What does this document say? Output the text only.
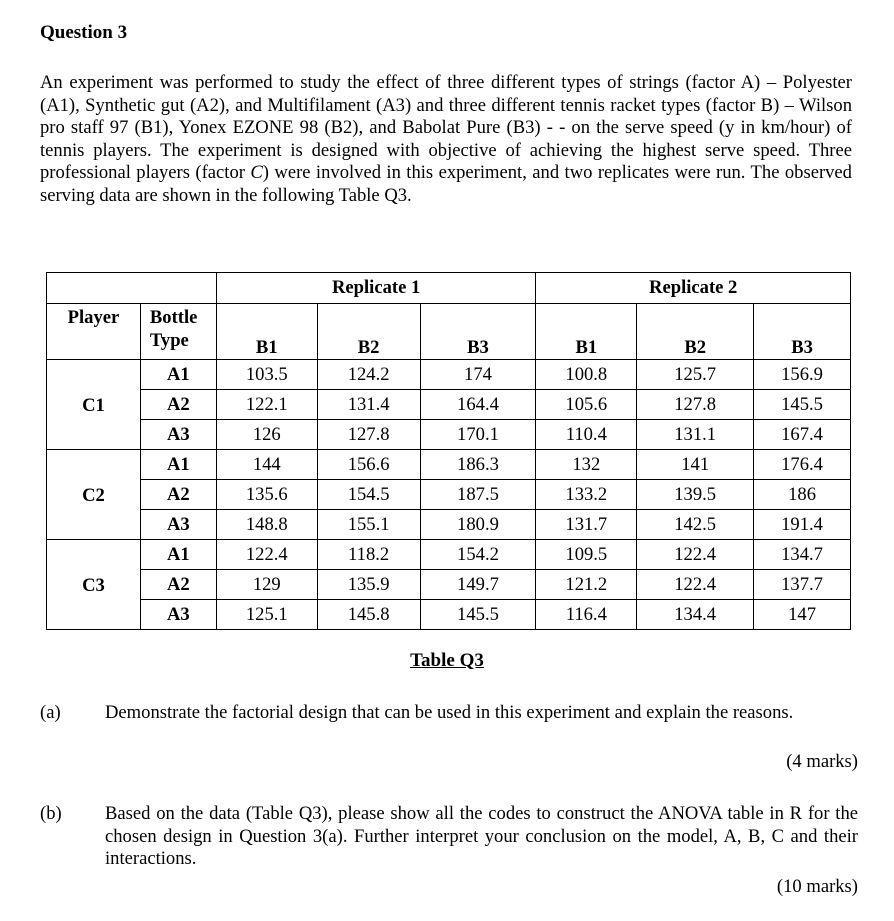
Question 3
An experiment was performed to study the effect of three different types of strings (factor A) – Polyester (A1), Synthetic gut (A2), and Multifilament (A3) and three different tennis racket types (factor B) – Wilson pro staff 97 (B1), Yonex EZONE 98 (B2), and Babolat Pure (B3) - - on the serve speed (y in km/hour) of tennis players. The experiment is designed with objective of achieving the highest serve speed. Three professional players (factor C) were involved in this experiment, and two replicates were run. The observed serving data are shown in the following Table Q3.
		Replicate 1			Replicate 2		
Player	Bottle Type	B1	B2	B3	B1	B2	B3
C1	A1	103.5	124.2	174	100.8	125.7	156.9
	A2	122.1	131.4	164.4	105.6	127.8	145.5
	A3	126	127.8	170.1	110.4	131.1	167.4
C2	A1	144	156.6	186.3	132	141	176.4
	A2	135.6	154.5	187.5	133.2	139.5	186
	A3	148.8	155.1	180.9	131.7	142.5	191.4
C3	A1	122.4	118.2	154.2	109.5	122.4	134.7
	A2	129	135.9	149.7	121.2	122.4	137.7
	A3	125.1	145.8	145.5	116.4	134.4	147
Table Q3
(a) Demonstrate the factorial design that can be used in this experiment and explain the reasons.
(4 marks)
(b) Based on the data (Table Q3), please show all the codes to construct the ANOVA table in R for the chosen design in Question 3(a). Further interpret your conclusion on the model, A, B, C and their interactions.
(10 marks)
